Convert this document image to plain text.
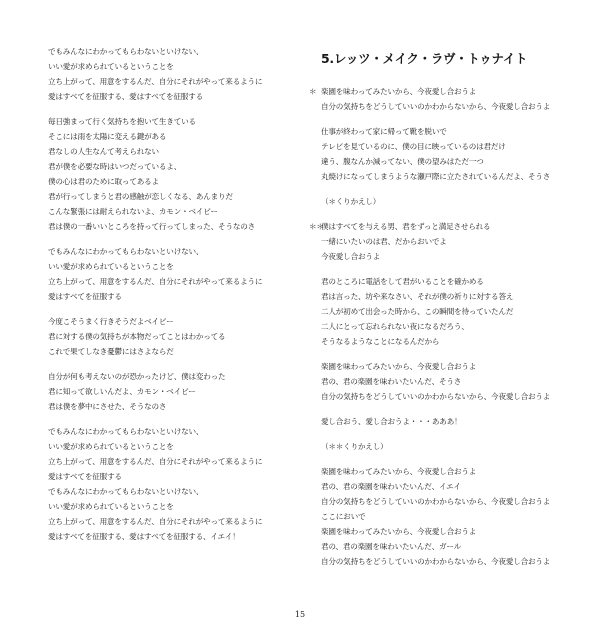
でもみんなにわかってもらわないといけない、
いい愛が求められているということを
立ち上がって、用意をするんだ、自分にそれがやって来るように
愛はすべてを征服する、愛はすべてを征服する
毎日強まって行く気持ちを抱いて生きている
そこには雨を太陽に変える鍵がある
君なしの人生なんて考えられない
君が僕を必要な時はいつだっているよ、
僕の心は君のために取ってあるよ
君が行ってしまうと君の感触が恋しくなる、あんまりだ
こんな緊張には耐えられないよ、カモン・ベイビー
君は僕の一番いいところを持って行ってしまった、そうなのさ
でもみんなにわかってもらわないといけない、
いい愛が求められているということを
立ち上がって、用意をするんだ、自分にそれがやって来るように
愛はすべてを征服する
今度こそうまく行きそうだよベイビー
君に対する僕の気持ちが本物だってことはわかってる
これで果てしなき憂鬱にはさよならだ
自分が何も考えないのが恐かったけど、僕は変わった
君に知って欲しいんだよ、カモン・ベイビー
君は僕を夢中にさせた、そうなのさ
でもみんなにわかってもらわないといけない、
いい愛が求められているということを
立ち上がって、用意をするんだ、自分にそれがやって来るように
愛はすべてを征服する
でもみんなにわかってもらわないといけない、
いい愛が求められているということを
立ち上がって、用意をするんだ、自分にそれがやって来るように
愛はすべてを征服する、愛はすべてを征服する、イエイ！
5.レッツ・メイク・ラヴ・トゥナイト
＊ 楽園を味わってみたいから、今夜愛し合おうよ
自分の気持ちをどうしていいのかわからないから、今夜愛し合おうよ
仕事が終わって家に帰って靴を脱いで
テレビを見ているのに、僕の目に映っているのは君だけ
違う、腹なんか減ってない、僕の望みはただ一つ
丸焼けになってしまうような瀬戸際に立たされているんだよ、そうさ
（＊くりかえし）
＊＊僕はすべてを与える男、君をずっと満足させられる
一緒にいたいのは君、だからおいでよ
今夜愛し合おうよ
君のところに電話をして君がいることを確かめる
君は言った、坊や来なさい、それが僕の祈りに対する答え
二人が初めて出会った時から、この瞬間を待っていたんだ
二人にとって忘れられない夜になるだろう、
そうなるようなことになるんだから
楽園を味わってみたいから、今夜愛し合おうよ
君の、君の楽園を味わいたいんだ、そうさ
自分の気持ちをどうしていいのかわからないから、今夜愛し合おうよ
愛し合おう、愛し合おうよ・・・あああ！
（＊＊くりかえし）
楽園を味わってみたいから、今夜愛し合おうよ
君の、君の楽園を味わいたいんだ、イエイ
自分の気持ちをどうしていいのかわからないから、今夜愛し合おうよ
ここにおいで
楽園を味わってみたいから、今夜愛し合おうよ
君の、君の楽園を味わいたいんだ、ガール
自分の気持ちをどうしていいのかわからないから、今夜愛し合おうよ
15
